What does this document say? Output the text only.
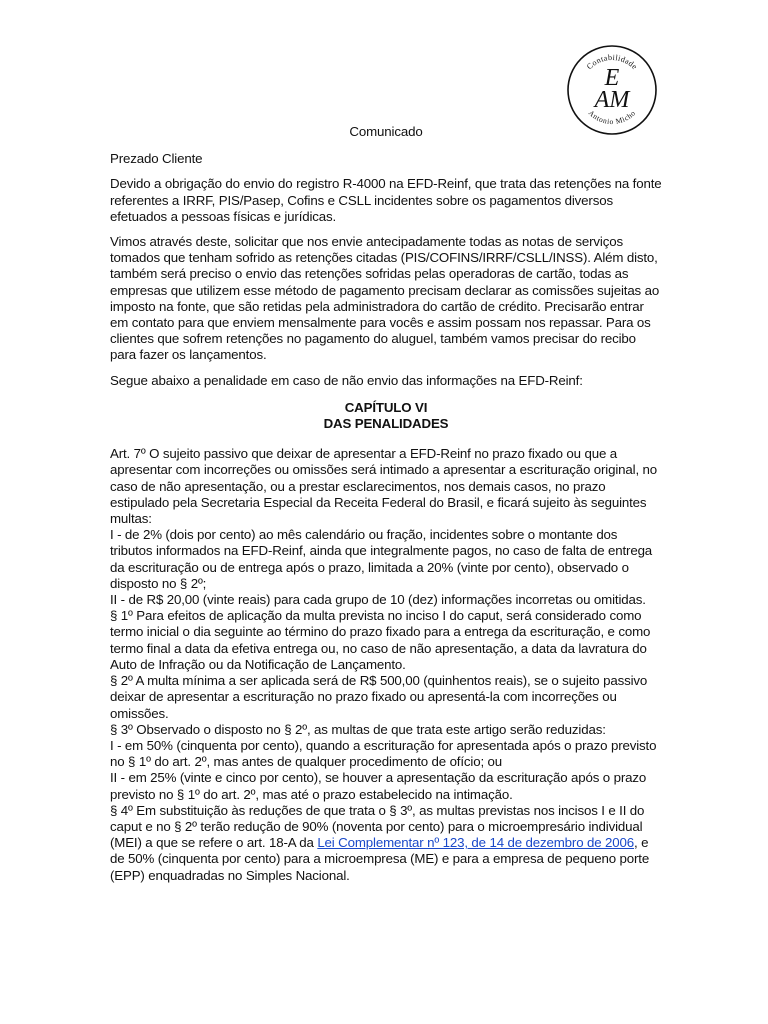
Contabilidade
Antonio Micho
E
AM

Comunicado

Prezado Cliente

Devido a obrigação do envio do registro R-4000 na EFD-Reinf, que trata das retenções na fonte referentes a IRRF, PIS/Pasep, Cofins e CSLL incidentes sobre os pagamentos diversos efetuados a pessoas físicas e jurídicas.

Vimos através deste, solicitar que nos envie antecipadamente todas as notas de serviços tomados que tenham sofrido as retenções citadas (PIS/COFINS/IRRF/CSLL/INSS). Além disto, também será preciso o envio das retenções sofridas pelas operadoras de cartão, todas as empresas que utilizem esse método de pagamento precisam declarar as comissões sujeitas ao imposto na fonte, que são retidas pela administradora do cartão de crédito. Precisarão entrar em contato para que enviem mensalmente para vocês e assim possam nos repassar. Para os clientes que sofrem retenções no pagamento do aluguel, também vamos precisar do recibo para fazer os lançamentos.

Segue abaixo a penalidade em caso de não envio das informações na EFD-Reinf:

CAPÍTULO VI
DAS PENALIDADES

Art. 7º O sujeito passivo que deixar de apresentar a EFD-Reinf no prazo fixado ou que a apresentar com incorreções ou omissões será intimado a apresentar a escrituração original, no caso de não apresentação, ou a prestar esclarecimentos, nos demais casos, no prazo estipulado pela Secretaria Especial da Receita Federal do Brasil, e ficará sujeito às seguintes multas:

I - de 2% (dois por cento) ao mês calendário ou fração, incidentes sobre o montante dos tributos informados na EFD-Reinf, ainda que integralmente pagos, no caso de falta de entrega da escrituração ou de entrega após o prazo, limitada a 20% (vinte por cento), observado o disposto no § 2º;

II - de R$ 20,00 (vinte reais) para cada grupo de 10 (dez) informações incorretas ou omitidas.

§ 1º Para efeitos de aplicação da multa prevista no inciso I do caput, será considerado como termo inicial o dia seguinte ao término do prazo fixado para a entrega da escrituração, e como termo final a data da efetiva entrega ou, no caso de não apresentação, a data da lavratura do Auto de Infração ou da Notificação de Lançamento.

§ 2º A multa mínima a ser aplicada será de R$ 500,00 (quinhentos reais), se o sujeito passivo deixar de apresentar a escrituração no prazo fixado ou apresentá-la com incorreções ou omissões.

§ 3º Observado o disposto no § 2º, as multas de que trata este artigo serão reduzidas:

I - em 50% (cinquenta por cento), quando a escrituração for apresentada após o prazo previsto no § 1º do art. 2º, mas antes de qualquer procedimento de ofício; ou

II - em 25% (vinte e cinco por cento), se houver a apresentação da escrituração após o prazo previsto no § 1º do art. 2º, mas até o prazo estabelecido na intimação.

§ 4º Em substituição às reduções de que trata o § 3º, as multas previstas nos incisos I e II do caput e no § 2º terão redução de 90% (noventa por cento) para o microempresário individual (MEI) a que se refere o art. 18-A da Lei Complementar nº 123, de 14 de dezembro de 2006, e de 50% (cinquenta por cento) para a microempresa (ME) e para a empresa de pequeno porte (EPP) enquadradas no Simples Nacional.
